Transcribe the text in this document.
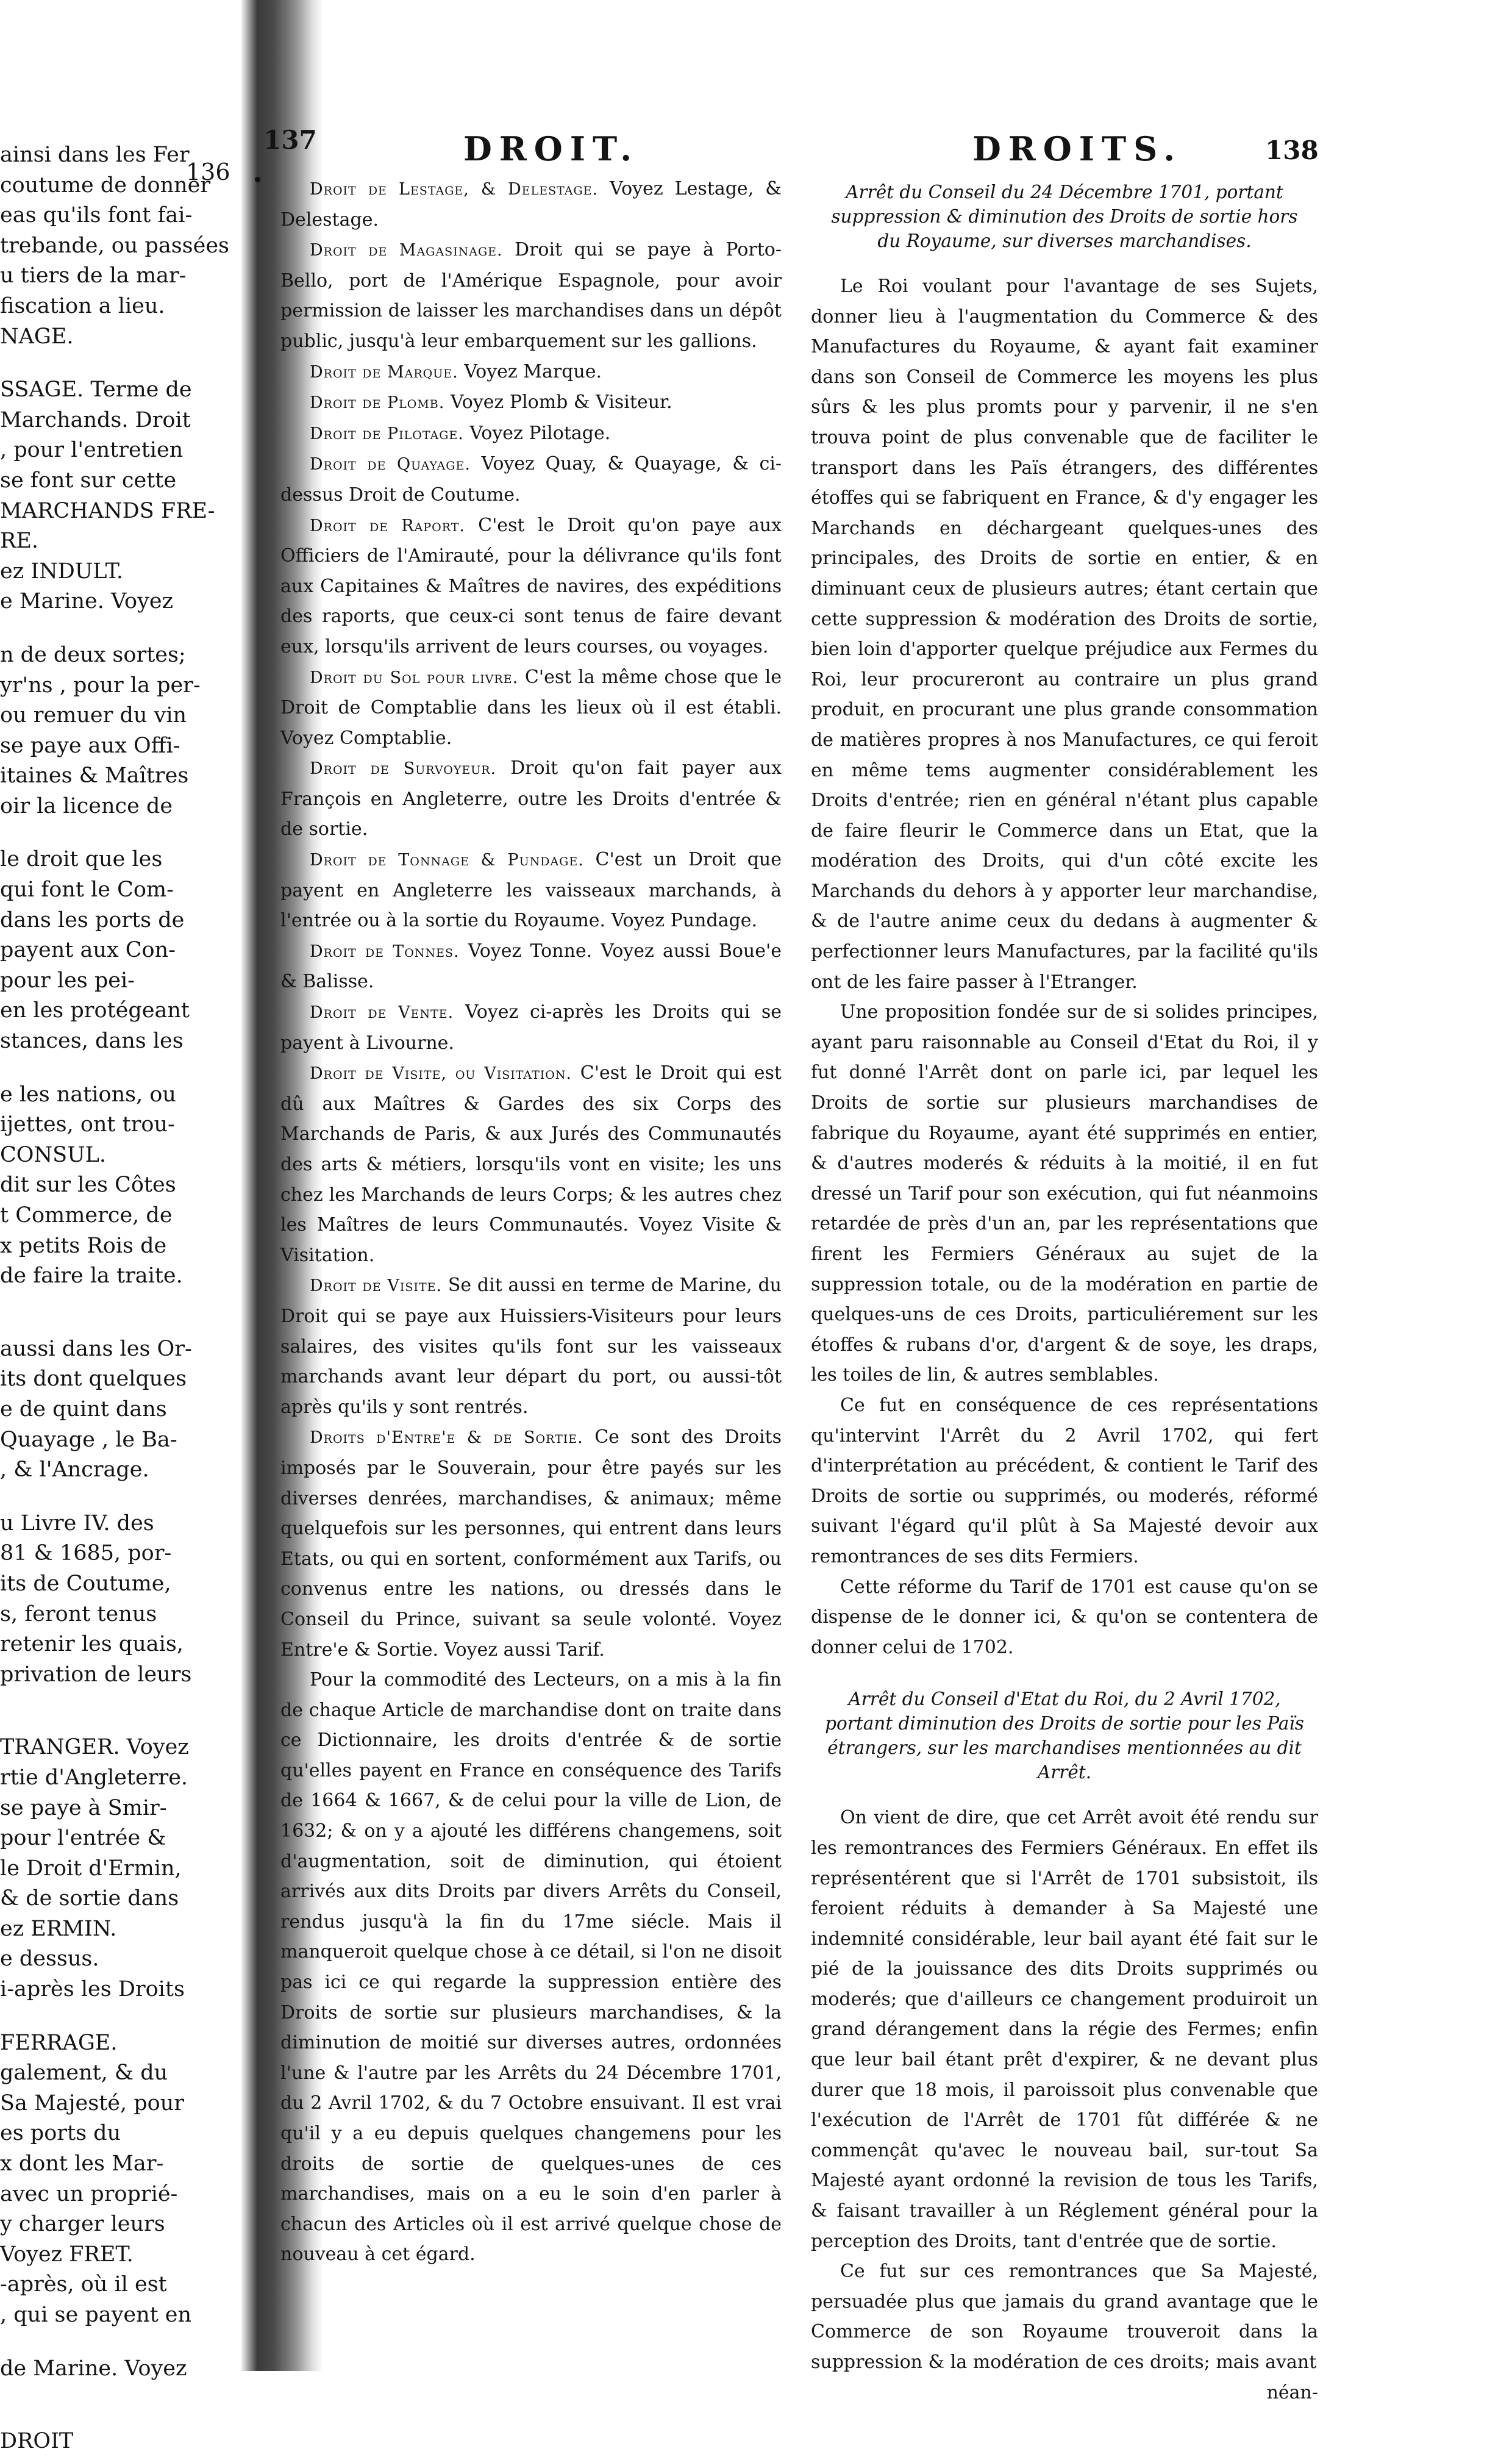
136
137	DROIT.	DROITS.	138

ainsi dans les Fer

coutume de donner

eas qu'ils font fai-

trebande, ou passées

u tiers de la mar-

fiscation a lieu.

NAGE.

SSAGE. Terme de

Marchands. Droit

, pour l'entretien

se font sur cette

MARCHANDS FRE-

RE.

ez INDULT.

e Marine. Voyez

n de deux sortes;

yr'ns , pour la per-

ou remuer du vin

se paye aux Offi-

itaines & Maîtres

oir la licence de

le droit que les

qui font le Com-

dans les ports de

payent aux Con-

pour les pei-

en les protégeant

stances, dans les

e les nations, ou

ijettes, ont trou-

CONSUL.

dit sur les Côtes

t Commerce, de

x petits Rois de

de faire la traite.

aussi dans les Or-

its dont quelques

e de quint dans

Quayage , le Ba-

, & l'Ancrage.

u Livre IV. des

81 & 1685, por-

its de Coutume,

s, feront tenus

retenir les quais,

privation de leurs

TRANGER. Voyez

rtie d'Angleterre.

se paye à Smir-

pour l'entrée &

le Droit d'Ermin,

& de sortie dans

ez ERMIN.

e dessus.

i-après les Droits

FERRAGE.

galement, & du

Sa Majesté, pour

es ports du

x dont les Mar-

avec un proprié-

y charger leurs

Voyez FRET.

-après, où il est

, qui se payent en

de Marine. Voyez

DROIT

Droit de Lestage, & Delestage. Voyez Lestage, & Delestage.

Droit de Magasinage. Droit qui se paye à Porto-Bello, port de l'Amérique Espagnole, pour avoir permission de laisser les marchandises dans un dépôt public, jusqu'à leur embarquement sur les gallions.

Droit de Marque. Voyez Marque.

Droit de Plomb. Voyez Plomb & Visiteur.

Droit de Pilotage. Voyez Pilotage.

Droit de Quayage. Voyez Quay, & Quayage, & ci-dessus Droit de Coutume.

Droit de Raport. C'est le Droit qu'on paye aux Officiers de l'Amirauté, pour la délivrance qu'ils font aux Capitaines & Maîtres de navires, des expéditions des raports, que ceux-ci sont tenus de faire devant eux, lorsqu'ils arrivent de leurs courses, ou voyages.

Droit du Sol pour livre. C'est la même chose que le Droit de Comptablie dans les lieux où il est établi. Voyez Comptablie.

Droit de Survoyeur. Droit qu'on fait payer aux François en Angleterre, outre les Droits d'entrée & de sortie.

Droit de Tonnage & Pundage. C'est un Droit que payent en Angleterre les vaisseaux marchands, à l'entrée ou à la sortie du Royaume. Voyez Pundage.

Droit de Tonnes. Voyez Tonne. Voyez aussi Boue'e & Balisse.

Droit de Vente. Voyez ci-après les Droits qui se payent à Livourne.

Droit de Visite, ou Visitation. C'est le Droit qui est dû aux Maîtres & Gardes des six Corps des Marchands de Paris, & aux Jurés des Communautés des arts & métiers, lorsqu'ils vont en visite; les uns chez les Marchands de leurs Corps; & les autres chez les Maîtres de leurs Communautés. Voyez Visite & Visitation.

Droit de Visite. Se dit aussi en terme de Marine, du Droit qui se paye aux Huissiers-Visiteurs pour leurs salaires, des visites qu'ils font sur les vaisseaux marchands avant leur départ du port, ou aussi-tôt après qu'ils y sont rentrés.

Droits d'Entre'e & de Sortie. Ce sont des Droits imposés par le Souverain, pour être payés sur les diverses denrées, marchandises, & animaux; même quelquefois sur les personnes, qui entrent dans leurs Etats, ou qui en sortent, conformément aux Tarifs, ou convenus entre les nations, ou dressés dans le Conseil du Prince, suivant sa seule volonté. Voyez Entre'e & Sortie. Voyez aussi Tarif.

Pour la commodité des Lecteurs, on a mis à la fin de chaque Article de marchandise dont on traite dans ce Dictionnaire, les droits d'entrée & de sortie qu'elles payent en France en conséquence des Tarifs de 1664 & 1667, & de celui pour la ville de Lion, de 1632; & on y a ajouté les différens changemens, soit d'augmentation, soit de diminution, qui étoient arrivés aux dits Droits par divers Arrêts du Conseil, rendus jusqu'à la fin du 17me siécle. Mais il manqueroit quelque chose à ce détail, si l'on ne disoit pas ici ce qui regarde la suppression entière des Droits de sortie sur plusieurs marchandises, & la diminution de moitié sur diverses autres, ordonnées l'une & l'autre par les Arrêts du 24 Décembre 1701, du 2 Avril 1702, & du 7 Octobre ensuivant. Il est vrai qu'il y a eu depuis quelques changemens pour les droits de sortie de quelques-unes de ces marchandises, mais on a eu le soin d'en parler à chacun des Articles où il est arrivé quelque chose de nouveau à cet égard.

Arrêt du Conseil du 24 Décembre 1701, portant suppression & diminution des Droits de sortie hors du Royaume, sur diverses marchandises.

Le Roi voulant pour l'avantage de ses Sujets, donner lieu à l'augmentation du Commerce & des Manufactures du Royaume, & ayant fait examiner dans son Conseil de Commerce les moyens les plus sûrs & les plus promts pour y parvenir, il ne s'en trouva point de plus convenable que de faciliter le transport dans les Païs étrangers, des différentes étoffes qui se fabriquent en France, & d'y engager les Marchands en déchargeant quelques-unes des principales, des Droits de sortie en entier, & en diminuant ceux de plusieurs autres; étant certain que cette suppression & modération des Droits de sortie, bien loin d'apporter quelque préjudice aux Fermes du Roi, leur procureront au contraire un plus grand produit, en procurant une plus grande consommation de matières propres à nos Manufactures, ce qui feroit en même tems augmenter considérablement les Droits d'entrée; rien en général n'étant plus capable de faire fleurir le Commerce dans un Etat, que la modération des Droits, qui d'un côté excite les Marchands du dehors à y apporter leur marchandise, & de l'autre anime ceux du dedans à augmenter & perfectionner leurs Manufactures, par la facilité qu'ils ont de les faire passer à l'Etranger.

Une proposition fondée sur de si solides principes, ayant paru raisonnable au Conseil d'Etat du Roi, il y fut donné l'Arrêt dont on parle ici, par lequel les Droits de sortie sur plusieurs marchandises de fabrique du Royaume, ayant été supprimés en entier, & d'autres moderés & réduits à la moitié, il en fut dressé un Tarif pour son exécution, qui fut néanmoins retardée de près d'un an, par les représentations que firent les Fermiers Généraux au sujet de la suppression totale, ou de la modération en partie de quelques-uns de ces Droits, particuliérement sur les étoffes & rubans d'or, d'argent & de soye, les draps, les toiles de lin, & autres semblables.

Ce fut en conséquence de ces représentations qu'intervint l'Arrêt du 2 Avril 1702, qui fert d'interprétation au précédent, & contient le Tarif des Droits de sortie ou supprimés, ou moderés, réformé suivant l'égard qu'il plût à Sa Majesté devoir aux remontrances de ses dits Fermiers.

Cette réforme du Tarif de 1701 est cause qu'on se dispense de le donner ici, & qu'on se contentera de donner celui de 1702.

Arrêt du Conseil d'Etat du Roi, du 2 Avril 1702, portant diminution des Droits de sortie pour les Païs étrangers, sur les marchandises mentionnées au dit Arrêt.

On vient de dire, que cet Arrêt avoit été rendu sur les remontrances des Fermiers Généraux. En effet ils représentérent que si l'Arrêt de 1701 subsistoit, ils feroient réduits à demander à Sa Majesté une indemnité considérable, leur bail ayant été fait sur le pié de la jouissance des dits Droits supprimés ou moderés; que d'ailleurs ce changement produiroit un grand dérangement dans la régie des Fermes; enfin que leur bail étant prêt d'expirer, & ne devant plus durer que 18 mois, il paroissoit plus convenable que l'exécution de l'Arrêt de 1701 fût différée & ne commençât qu'avec le nouveau bail, sur-tout Sa Majesté ayant ordonné la revision de tous les Tarifs, & faisant travailler à un Réglement général pour la perception des Droits, tant d'entrée que de sortie.

Ce fut sur ces remontrances que Sa Majesté, persuadée plus que jamais du grand avantage que le Commerce de son Royaume trouveroit dans la suppression & la modération de ces droits; mais avant

néan-
